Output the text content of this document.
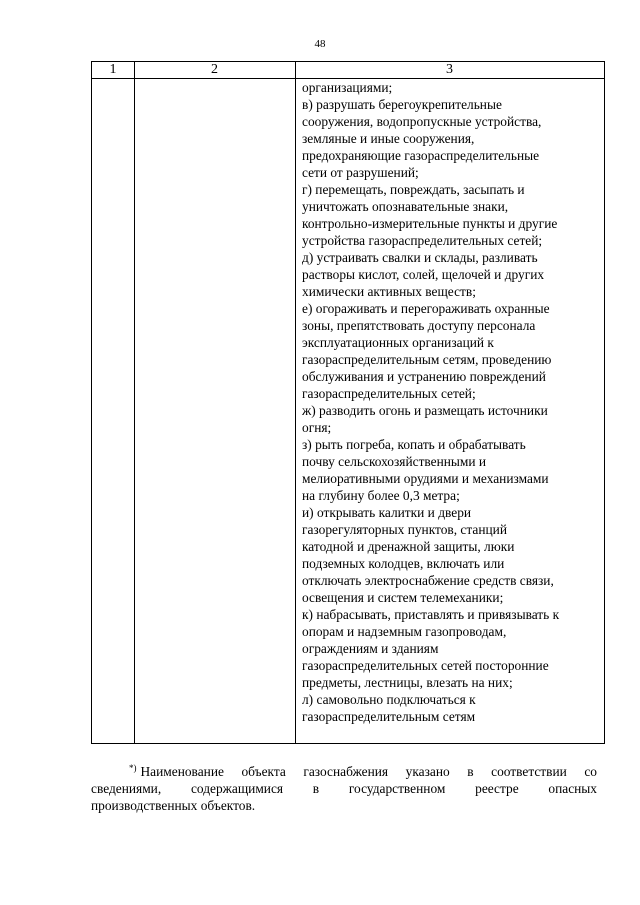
48
1	2	3
организациями;
в) разрушать берегоукрепительные
сооружения, водопропускные устройства,
земляные и иные сооружения,
предохраняющие газораспределительные
сети от разрушений;
г) перемещать, повреждать, засыпать и
уничтожать опознавательные знаки,
контрольно-измерительные пункты и другие
устройства газораспределительных сетей;
д) устраивать свалки и склады, разливать
растворы кислот, солей, щелочей и других
химически активных веществ;
е) огораживать и перегораживать охранные
зоны, препятствовать доступу персонала
эксплуатационных организаций к
газораспределительным сетям, проведению
обслуживания и устранению повреждений
газораспределительных сетей;
ж) разводить огонь и размещать источники
огня;
з) рыть погреба, копать и обрабатывать
почву сельскохозяйственными и
мелиоративными орудиями и механизмами
на глубину более 0,3 метра;
и) открывать калитки и двери
газорегуляторных пунктов, станций
катодной и дренажной защиты, люки
подземных колодцев, включать или
отключать электроснабжение средств связи,
освещения и систем телемеханики;
к) набрасывать, приставлять и привязывать к
опорам и надземным газопроводам,
ограждениям и зданиям
газораспределительных сетей посторонние
предметы, лестницы, влезать на них;
л) самовольно подключаться к
газораспределительным сетям
*) Наименование объекта газоснабжения указано в соответствии со
сведениями, содержащимися в государственном реестре опасных
производственных объектов.
